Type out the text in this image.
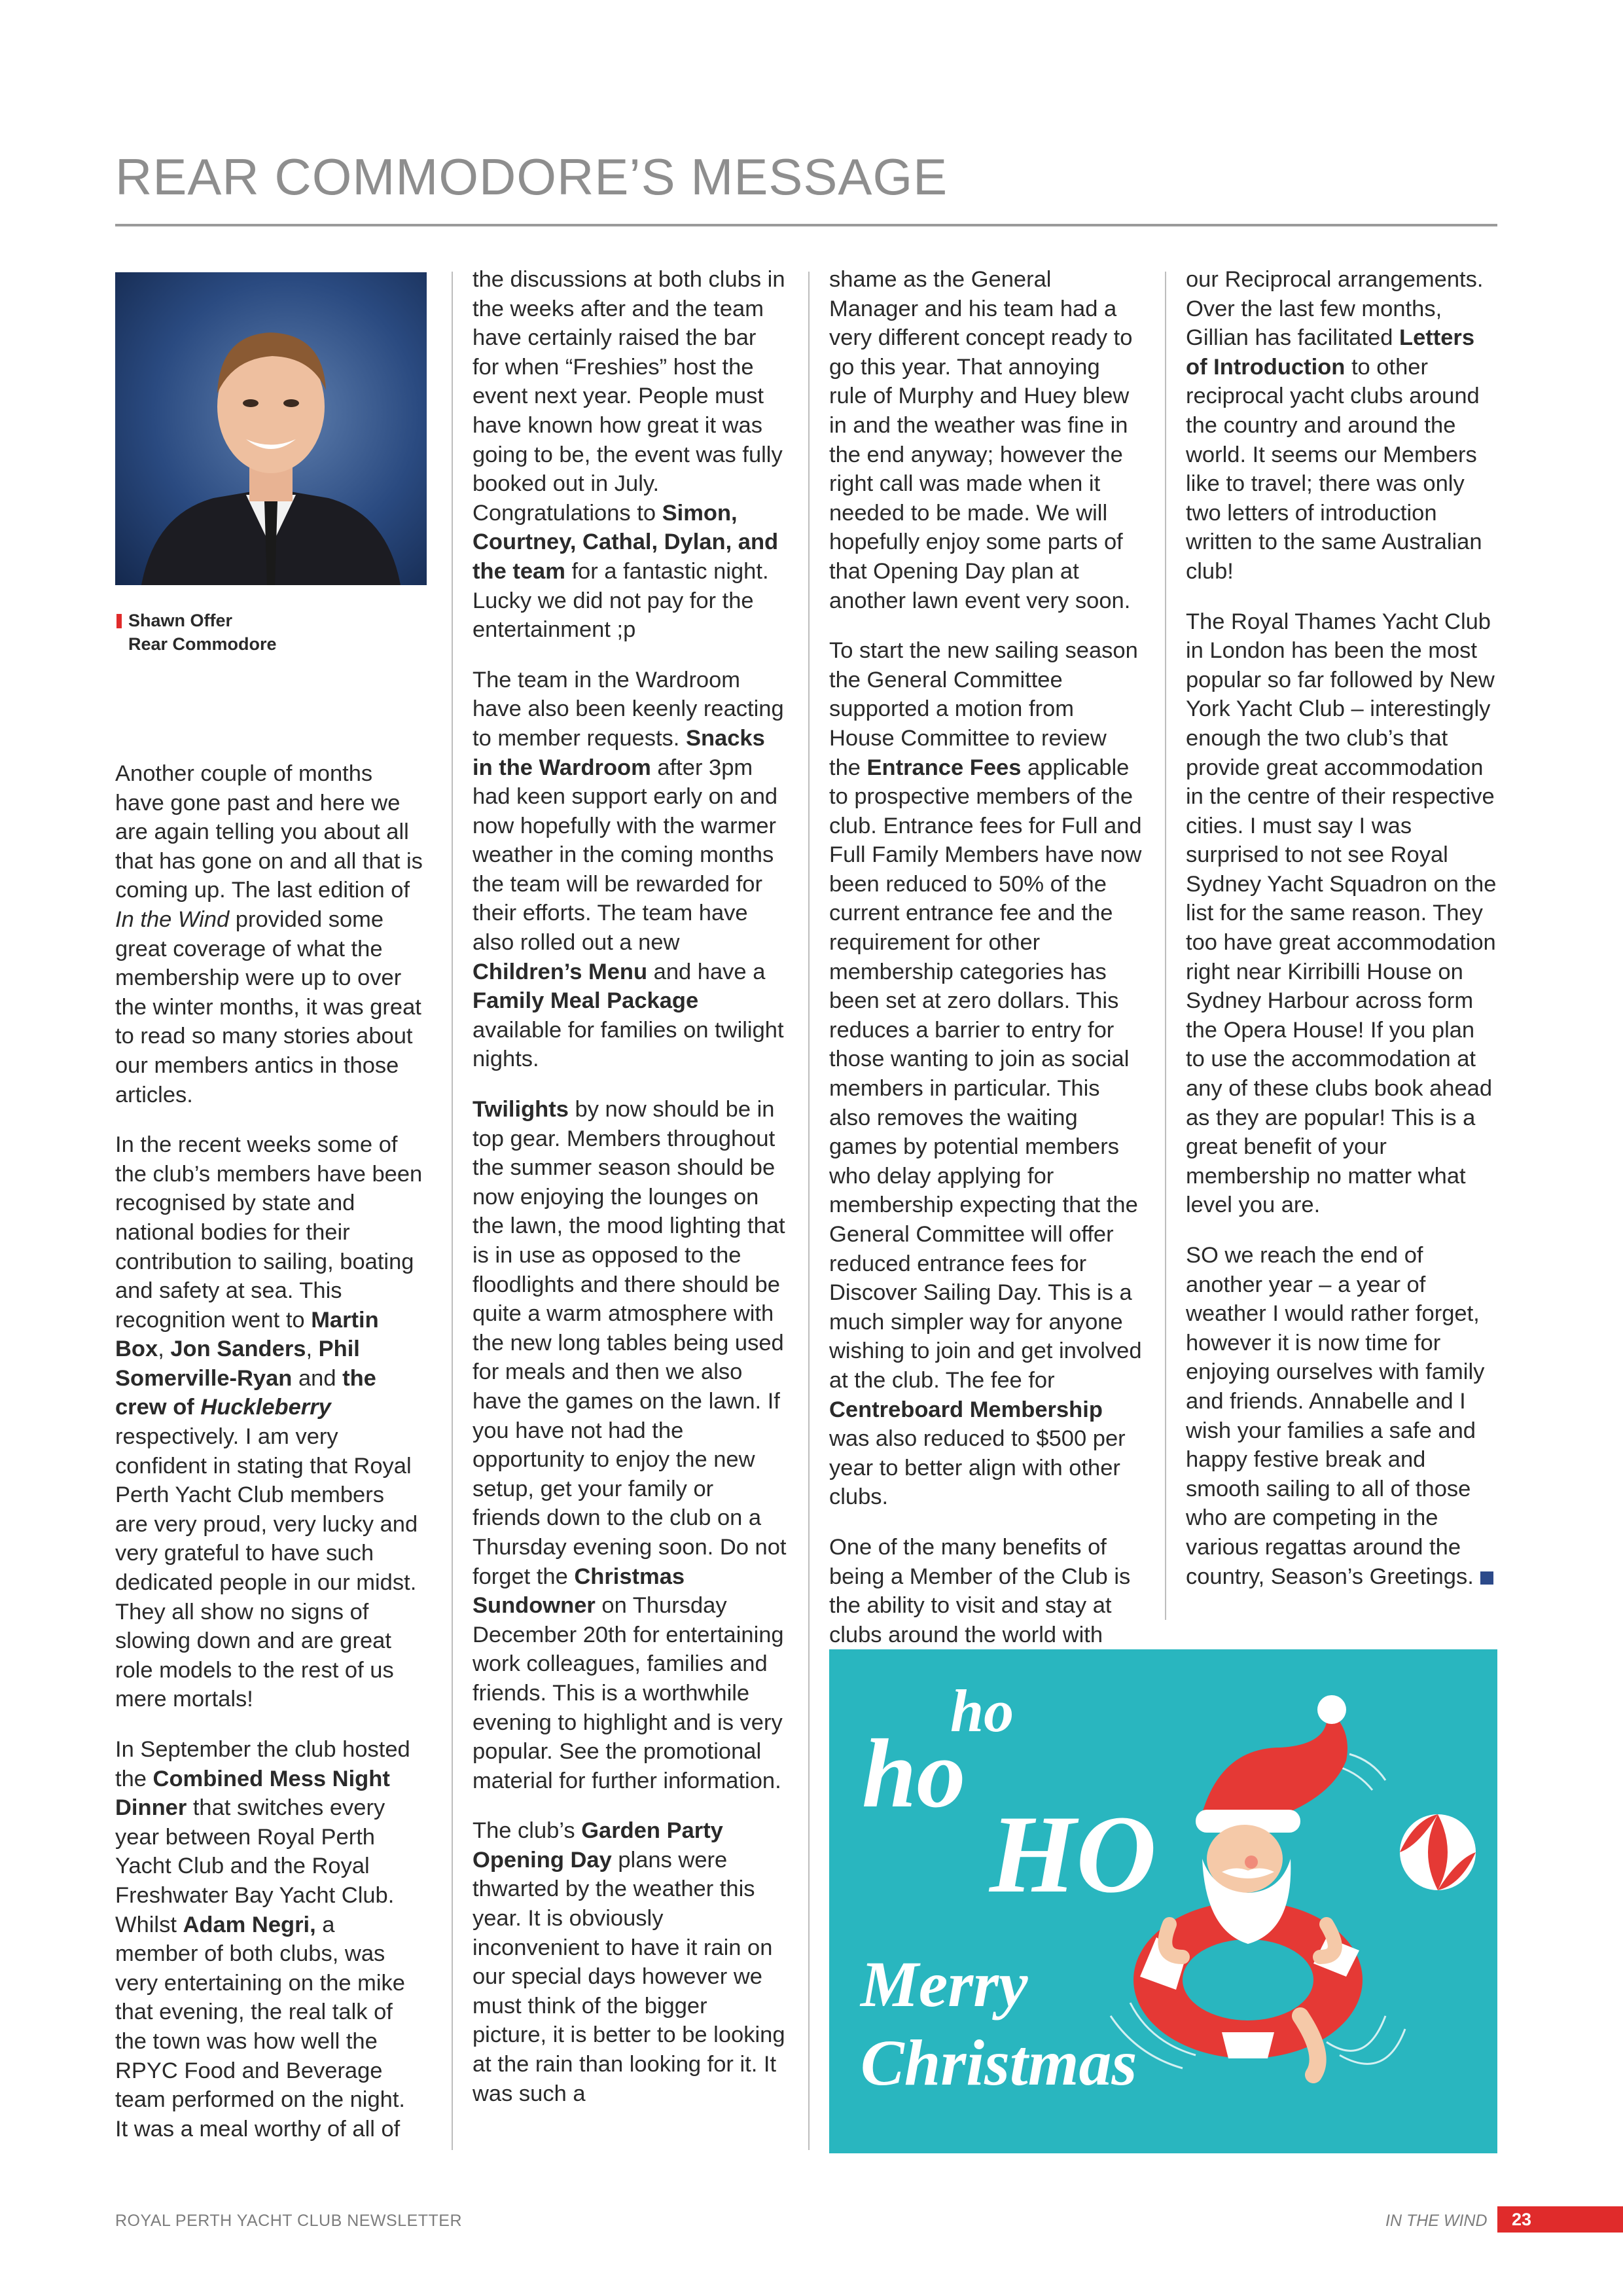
REAR COMMODORE’S MESSAGE
Shawn Offer
Rear Commodore

Another couple of months have gone past and here we are again telling you about all that has gone on and all that is coming up. The last edition of In the Wind provided some great coverage of what the membership were up to over the winter months, it was great to read so many stories about our members antics in those articles.

In the recent weeks some of the club’s members have been recognised by state and national bodies for their contribution to sailing, boating and safety at sea. This recognition went to Martin Box, Jon Sanders, Phil Somerville-Ryan and the crew of Huckleberry respectively. I am very confident in stating that Royal Perth Yacht Club members are very proud, very lucky and very grateful to have such dedicated people in our midst. They all show no signs of slowing down and are great role models to the rest of us mere mortals!

In September the club hosted the Combined Mess Night Dinner that switches every year between Royal Perth Yacht Club and the Royal Freshwater Bay Yacht Club. Whilst Adam Negri, a member of both clubs, was very entertaining on the mike that evening, the real talk of the town was how well the RPYC Food and Beverage team performed on the night. It was a meal worthy of all of

the discussions at both clubs in the weeks after and the team have certainly raised the bar for when “Freshies” host the event next year. People must have known how great it was going to be, the event was fully booked out in July. Congratulations to Simon, Courtney, Cathal, Dylan, and the team for a fantastic night. Lucky we did not pay for the entertainment ;p

The team in the Wardroom have also been keenly reacting to member requests. Snacks in the Wardroom after 3pm had keen support early on and now hopefully with the warmer weather in the coming months the team will be rewarded for their efforts. The team have also rolled out a new Children’s Menu and have a Family Meal Package available for families on twilight nights.

Twilights by now should be in top gear. Members throughout the summer season should be now enjoying the lounges on the lawn, the mood lighting that is in use as opposed to the floodlights and there should be quite a warm atmosphere with the new long tables being used for meals and then we also have the games on the lawn. If you have not had the opportunity to enjoy the new setup, get your family or friends down to the club on a Thursday evening soon. Do not forget the Christmas Sundowner on Thursday December 20th for entertaining work colleagues, families and friends. This is a worthwhile evening to highlight and is very popular. See the promotional material for further information.

The club’s Garden Party Opening Day plans were thwarted by the weather this year. It is obviously inconvenient to have it rain on our special days however we must think of the bigger picture, it is better to be looking at the rain than looking for it. It was such a

shame as the General Manager and his team had a very different concept ready to go this year. That annoying rule of Murphy and Huey blew in and the weather was fine in the end anyway; however the right call was made when it needed to be made. We will hopefully enjoy some parts of that Opening Day plan at another lawn event very soon.

To start the new sailing season the General Committee supported a motion from House Committee to review the Entrance Fees applicable to prospective members of the club. Entrance fees for Full and Full Family Members have now been reduced to 50% of the current entrance fee and the requirement for other membership categories has been set at zero dollars. This reduces a barrier to entry for those wanting to join as social members in particular. This also removes the waiting games by potential members who delay applying for membership expecting that the General Committee will offer reduced entrance fees for Discover Sailing Day. This is a much simpler way for anyone wishing to join and get involved at the club. The fee for Centreboard Membership was also reduced to $500 per year to better align with other clubs.

One of the many benefits of being a Member of the Club is the ability to visit and stay at clubs around the world with

our Reciprocal arrangements. Over the last few months, Gillian has facilitated Letters of Introduction to other reciprocal yacht clubs around the country and around the world. It seems our Members like to travel; there was only two letters of introduction written to the same Australian club!

The Royal Thames Yacht Club in London has been the most popular so far followed by New York Yacht Club – interestingly enough the two club’s that provide great accommodation in the centre of their respective cities. I must say I was surprised to not see Royal Sydney Yacht Squadron on the list for the same reason. They too have great accommodation right near Kirribilli House on Sydney Harbour across form the Opera House! If you plan to use the accommodation at any of these clubs book ahead as they are popular! This is a great benefit of your membership no matter what level you are.

SO we reach the end of another year – a year of weather I would rather forget, however it is now time for enjoying ourselves with family and friends. Annabelle and I wish your families a safe and happy festive break and smooth sailing to all of those who are competing in the various regattas around the country, Season’s Greetings.

ho
ho
HO
Merry
Christmas
ROYAL PERTH YACHT CLUB NEWSLETTER	IN THE WIND	23
